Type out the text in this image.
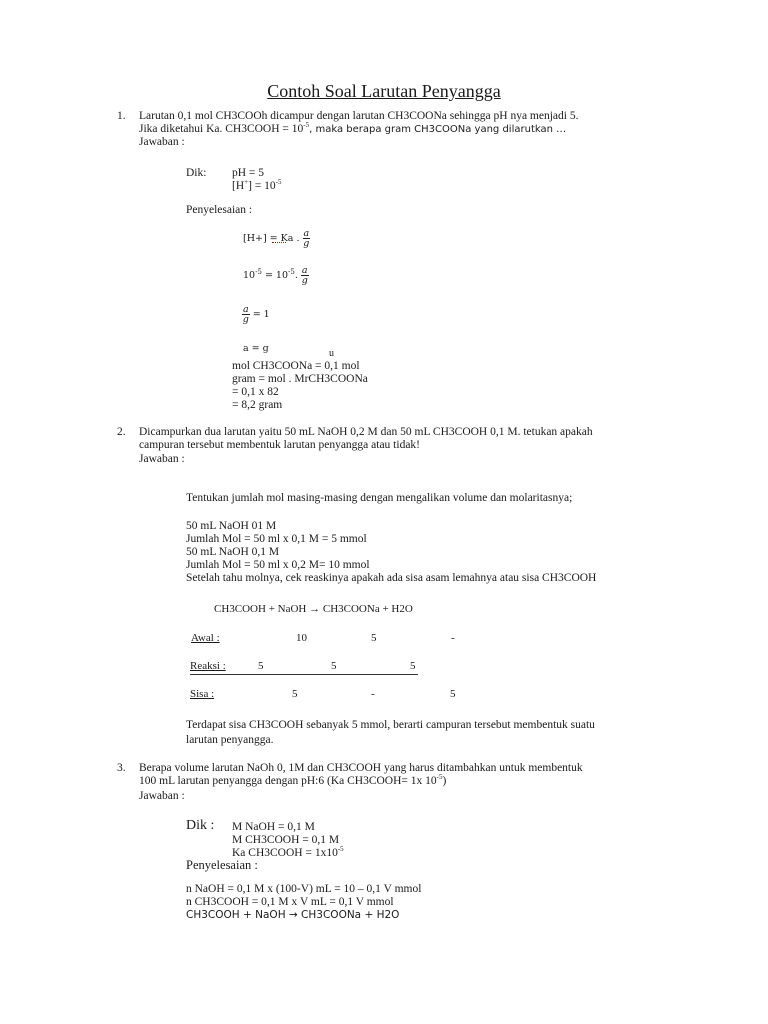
Contoh Soal Larutan Penyangga
1. Larutan 0,1 mol CH3COOh dicampur dengan larutan CH3COONa sehingga pH nya menjadi 5.
Jika diketahui Ka. CH3COOH = $10^{-5}$, maka berapa gram CH3COONa yang dilarutkan …
Jawaban :
Dik: pH = 5
$[H^+] = 10^{-5}$
Penyelesaian :
[H+] = Ka . $\frac{a}{g}$
$10^{-5} = 10^{-5}$. $\frac{a}{g}$
$\frac{a}{g} = 1$
a = g	u
mol CH3COONa = 0,1 mol
gram = mol . MrCH3COONa
= 0,1 x 82
= 8,2 gram
2. Dicampurkan dua larutan yaitu 50 mL NaOH 0,2 M dan 50 mL CH3COOH 0,1 M. tetukan apakah
campuran tersebut membentuk larutan penyangga atau tidak!
Jawaban :
Tentukan jumlah mol masing-masing dengan mengalikan volume dan molaritasnya;
50 mL NaOH 01 M
Jumlah Mol = 50 ml x 0,1 M = 5 mmol
50 mL NaOH 0,1 M
Jumlah Mol = 50 ml x 0,2 M= 10 mmol
Setelah tahu molnya, cek reaskinya apakah ada sisa asam lemahnya atau sisa CH3COOH
CH3COOH + NaOH → CH3COONa + H2O
Awal :	10	5	-
Reaksi :	5	5	5
Sisa :	5	-	5
Terdapat sisa CH3COOH sebanyak 5 mmol, berarti campuran tersebut membentuk suatu
larutan penyangga.
3. Berapa volume larutan NaOh 0, 1M dan CH3COOH yang harus ditambahkan untuk membentuk
100 mL larutan penyangga dengan pH:6 (Ka CH3COOH= 1x $10^{-5}$)
Jawaban :
Dik : M NaOH = 0,1 M
M CH3COOH = 0,1 M
Ka CH3COOH = $1x10^{-5}$
Penyelesaian :
n NaOH = 0,1 M x (100-V) mL = 10 – 0,1 V mmol
n CH3COOH = 0,1 M x V mL = 0,1 V mmol
CH3COOH + NaOH → CH3COONa + H2O
